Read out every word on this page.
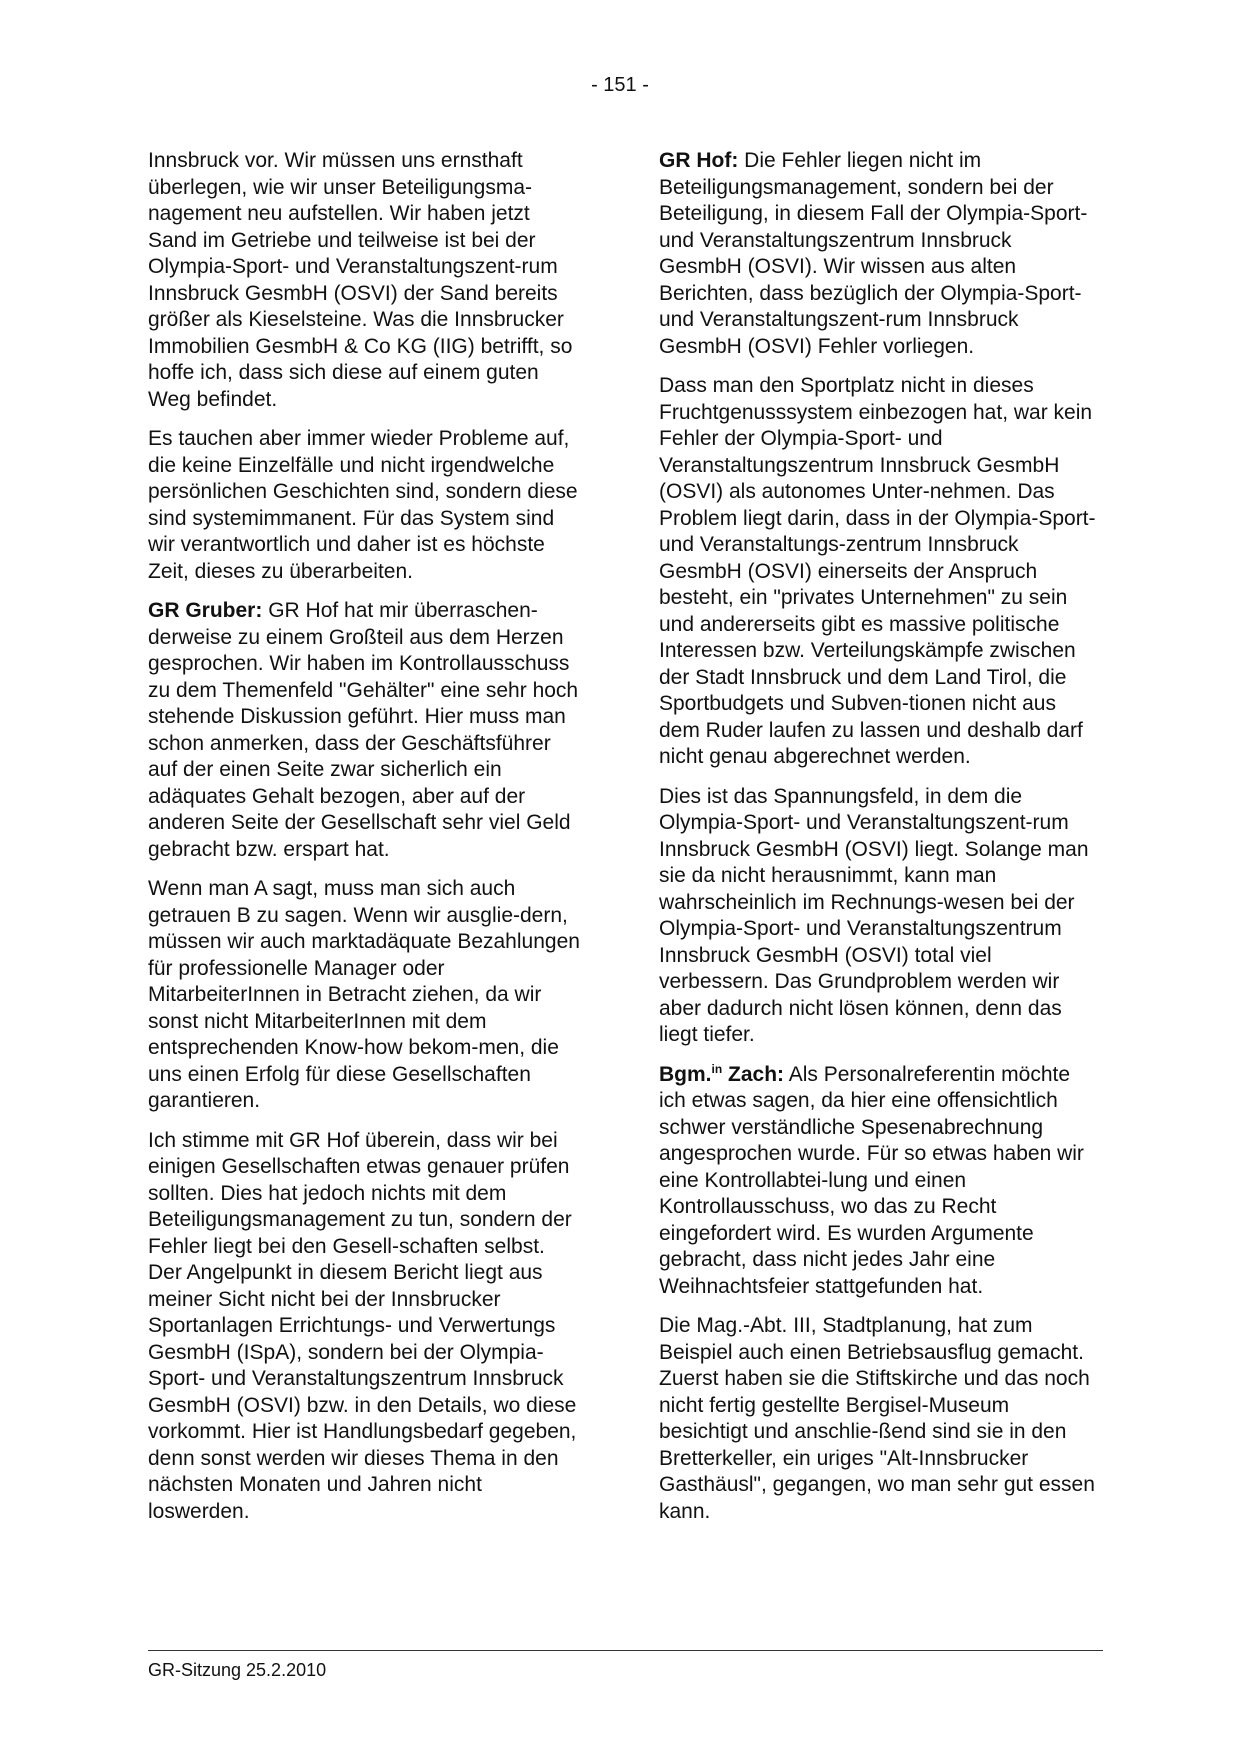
- 151 -

Innsbruck vor. Wir müssen uns ernsthaft überlegen, wie wir unser Beteiligungsma-nagement neu aufstellen. Wir haben jetzt Sand im Getriebe und teilweise ist bei der Olympia-Sport- und Veranstaltungszent-rum Innsbruck GesmbH (OSVI) der Sand bereits größer als Kieselsteine. Was die Innsbrucker Immobilien GesmbH & Co KG (IIG) betrifft, so hoffe ich, dass sich diese auf einem guten Weg befindet.

Es tauchen aber immer wieder Probleme auf, die keine Einzelfälle und nicht irgendwelche persönlichen Geschichten sind, sondern diese sind systemimmanent. Für das System sind wir verantwortlich und daher ist es höchste Zeit, dieses zu überarbeiten.

GR Gruber: GR Hof hat mir überraschen-derweise zu einem Großteil aus dem Herzen gesprochen. Wir haben im Kontrollausschuss zu dem Themenfeld "Gehälter" eine sehr hoch stehende Diskussion geführt. Hier muss man schon anmerken, dass der Geschäftsführer auf der einen Seite zwar sicherlich ein adäquates Gehalt bezogen, aber auf der anderen Seite der Gesellschaft sehr viel Geld gebracht bzw. erspart hat.

Wenn man A sagt, muss man sich auch getrauen B zu sagen. Wenn wir ausglie-dern, müssen wir auch marktadäquate Bezahlungen für professionelle Manager oder MitarbeiterInnen in Betracht ziehen, da wir sonst nicht MitarbeiterInnen mit dem entsprechenden Know-how bekom-men, die uns einen Erfolg für diese Gesellschaften garantieren.

Ich stimme mit GR Hof überein, dass wir bei einigen Gesellschaften etwas genauer prüfen sollten. Dies hat jedoch nichts mit dem Beteiligungsmanagement zu tun, sondern der Fehler liegt bei den Gesell-schaften selbst. Der Angelpunkt in diesem Bericht liegt aus meiner Sicht nicht bei der Innsbrucker Sportanlagen Errichtungs- und Verwertungs GesmbH (ISpA), sondern bei der Olympia-Sport- und Veranstaltungszentrum Innsbruck GesmbH (OSVI) bzw. in den Details, wo diese vorkommt. Hier ist Handlungsbedarf gegeben, denn sonst werden wir dieses Thema in den nächsten Monaten und Jahren nicht loswerden.

GR Hof: Die Fehler liegen nicht im Beteiligungsmanagement, sondern bei der Beteiligung, in diesem Fall der Olympia-Sport- und Veranstaltungszentrum Innsbruck GesmbH (OSVI). Wir wissen aus alten Berichten, dass bezüglich der Olympia-Sport- und Veranstaltungszent-rum Innsbruck GesmbH (OSVI) Fehler vorliegen.

Dass man den Sportplatz nicht in dieses Fruchtgenusssystem einbezogen hat, war kein Fehler der Olympia-Sport- und Veranstaltungszentrum Innsbruck GesmbH (OSVI) als autonomes Unter-nehmen. Das Problem liegt darin, dass in der Olympia-Sport- und Veranstaltungs-zentrum Innsbruck GesmbH (OSVI) einerseits der Anspruch besteht, ein "privates Unternehmen" zu sein und andererseits gibt es massive politische Interessen bzw. Verteilungskämpfe zwischen der Stadt Innsbruck und dem Land Tirol, die Sportbudgets und Subven-tionen nicht aus dem Ruder laufen zu lassen und deshalb darf nicht genau abgerechnet werden.

Dies ist das Spannungsfeld, in dem die Olympia-Sport- und Veranstaltungszent-rum Innsbruck GesmbH (OSVI) liegt. Solange man sie da nicht herausnimmt, kann man wahrscheinlich im Rechnungs-wesen bei der Olympia-Sport- und Veranstaltungszentrum Innsbruck GesmbH (OSVI) total viel verbessern. Das Grundproblem werden wir aber dadurch nicht lösen können, denn das liegt tiefer.

Bgm.$^{in}$ Zach: Als Personalreferentin möchte ich etwas sagen, da hier eine offensichtlich schwer verständliche Spesenabrechnung angesprochen wurde. Für so etwas haben wir eine Kontrollabtei-lung und einen Kontrollausschuss, wo das zu Recht eingefordert wird. Es wurden Argumente gebracht, dass nicht jedes Jahr eine Weihnachtsfeier stattgefunden hat.

Die Mag.-Abt. III, Stadtplanung, hat zum Beispiel auch einen Betriebsausflug gemacht. Zuerst haben sie die Stiftskirche und das noch nicht fertig gestellte Bergisel-Museum besichtigt und anschlie-ßend sind sie in den Bretterkeller, ein uriges "Alt-Innsbrucker Gasthäusl", gegangen, wo man sehr gut essen kann.

GR-Sitzung 25.2.2010
